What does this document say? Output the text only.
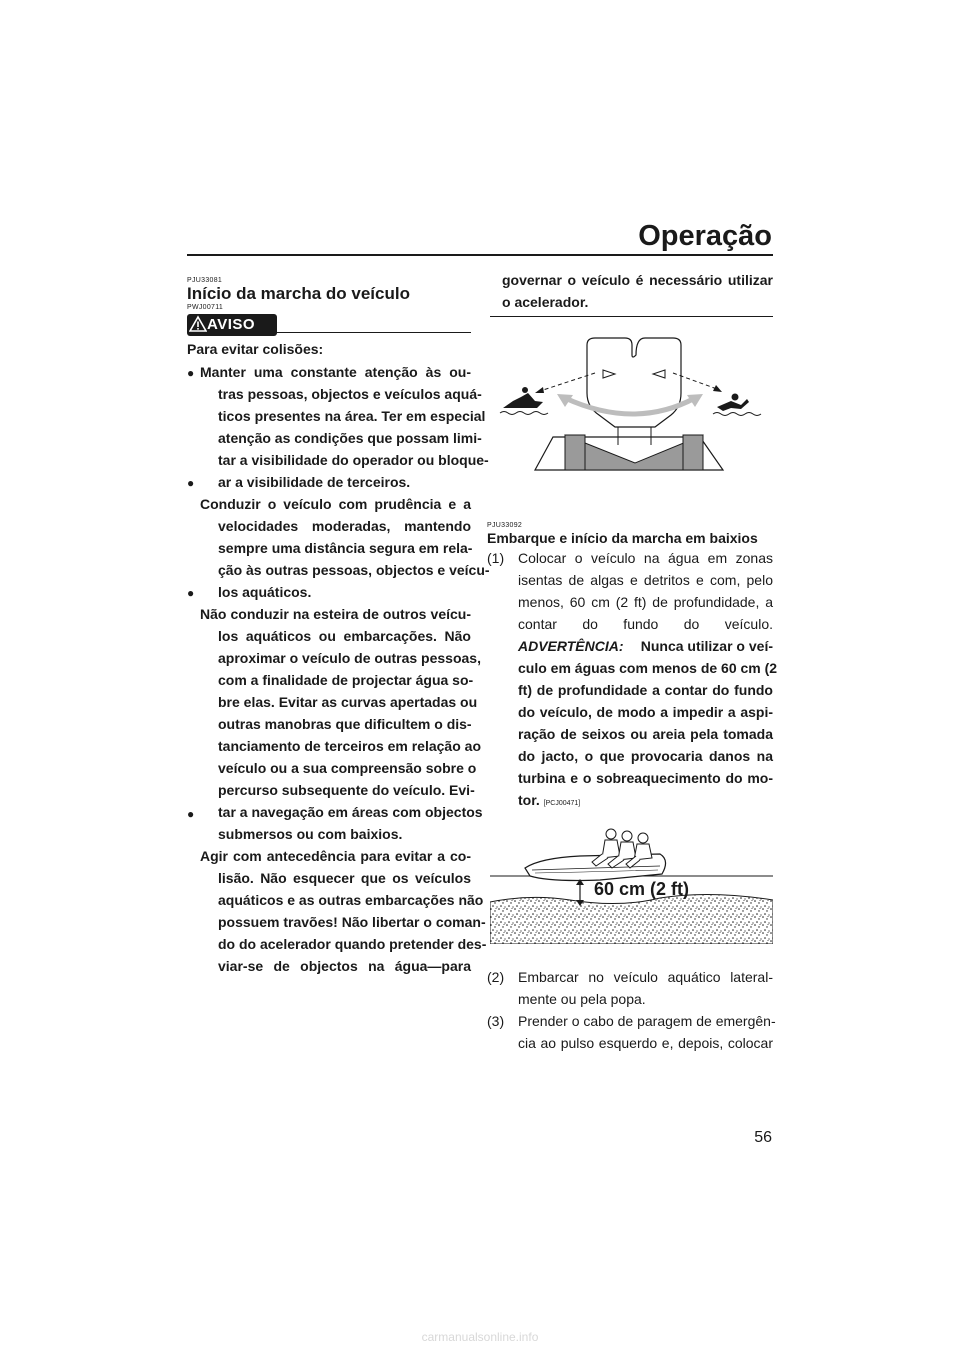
Operação
PJU33081
Início da marcha do veículo
PWJ00711
AVISO
Para evitar colisões:
●
●
●
●
Manter uma constante atenção às ou-
tras pessoas, objectos e veículos aquá-
ticos presentes na área. Ter em especial
atenção as condições que possam limi-
tar a visibilidade do operador ou bloque-
ar a visibilidade de terceiros.
Conduzir o veículo com prudência e a
velocidades moderadas, mantendo
sempre uma distância segura em rela-
ção às outras pessoas, objectos e veícu-
los aquáticos.
Não conduzir na esteira de outros veícu-
los aquáticos ou embarcações. Não
aproximar o veículo de outras pessoas,
com a finalidade de projectar água so-
bre elas. Evitar as curvas apertadas ou
outras manobras que dificultem o dis-
tanciamento de terceiros em relação ao
veículo ou a sua compreensão sobre o
percurso subsequente do veículo. Evi-
tar a navegação em áreas com objectos
submersos ou com baixios.
Agir com antecedência para evitar a co-
lisão. Não esquecer que os veículos
aquáticos e as outras embarcações não
possuem travões! Não libertar o coman-
do do acelerador quando pretender des-
viar-se de objectos na água—para
governar o veículo é necessário utilizar
o acelerador.
PJU33092
Embarque e início da marcha em baixios
(1) Colocar o veículo na água em zonas
isentas de algas e detritos e com, pelo
menos, 60 cm (2 ft) de profundidade, a
contar do fundo do veículo.
ADVERTÊNCIA: Nunca utilizar o veí-
culo em águas com menos de 60 cm (2
ft) de profundidade a contar do fundo
do veículo, de modo a impedir a aspi-
ração de seixos ou areia pela tomada
do jacto, o que provocaria danos na
turbina e o sobreaquecimento do mo-
tor. [PCJ00471]
60 cm (2 ft)
(2) Embarcar no veículo aquático lateral-
mente ou pela popa.
(3) Prender o cabo de paragem de emergên-
cia ao pulso esquerdo e, depois, colocar
56
carmanualsonline.info
